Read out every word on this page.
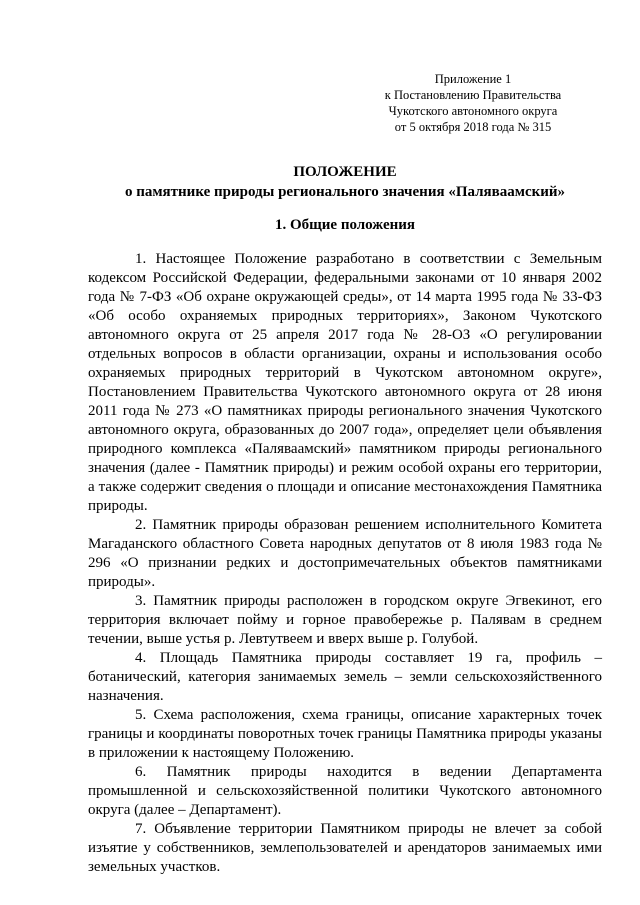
Приложение 1
к Постановлению Правительства
Чукотского автономного округа
от 5 октября 2018 года № 315
ПОЛОЖЕНИЕ
о памятнике природы регионального значения «Паляваамский»
1. Общие положения

1. Настоящее Положение разработано в соответствии с Земельным кодексом Российской Федерации, федеральными законами от 10 января 2002 года № 7-ФЗ «Об охране окружающей среды», от 14 марта 1995 года № 33-ФЗ «Об особо охраняемых природных территориях», Законом Чукотского автономного округа от 25 апреля 2017 года № 28-ОЗ «О регулировании отдельных вопросов в области организации, охраны и использования особо охраняемых природных территорий в Чукотском автономном округе», Постановлением Правительства Чукотского автономного округа от 28 июня 2011 года № 273 «О памятниках природы регионального значения Чукотского автономного округа, образованных до 2007 года», определяет цели объявления природного комплекса «Паляваамский» памятником природы регионального значения (далее - Памятник природы) и режим особой охраны его территории, а также содержит сведения о площади и описание местонахождения Памятника природы.

2. Памятник природы образован решением исполнительного Комитета Магаданского областного Совета народных депутатов от 8 июля 1983 года № 296 «О признании редких и достопримечательных объектов памятниками природы».

3. Памятник природы расположен в городском округе Эгвекинот, его территория включает пойму и горное правобережье р. Палявам в среднем течении, выше устья р. Левтутвеем и вверх выше р. Голубой.

4. Площадь Памятника природы составляет 19 га, профиль – ботанический, категория занимаемых земель – земли сельскохозяйственного назначения.

5. Схема расположения, схема границы, описание характерных точек границы и координаты поворотных точек границы Памятника природы указаны в приложении к настоящему Положению.

6. Памятник природы находится в ведении Департамента промышленной и сельскохозяйственной политики Чукотского автономного округа (далее – Департамент).

7. Объявление территории Памятником природы не влечет за собой изъятие у собственников, землепользователей и арендаторов занимаемых ими земельных участков.
